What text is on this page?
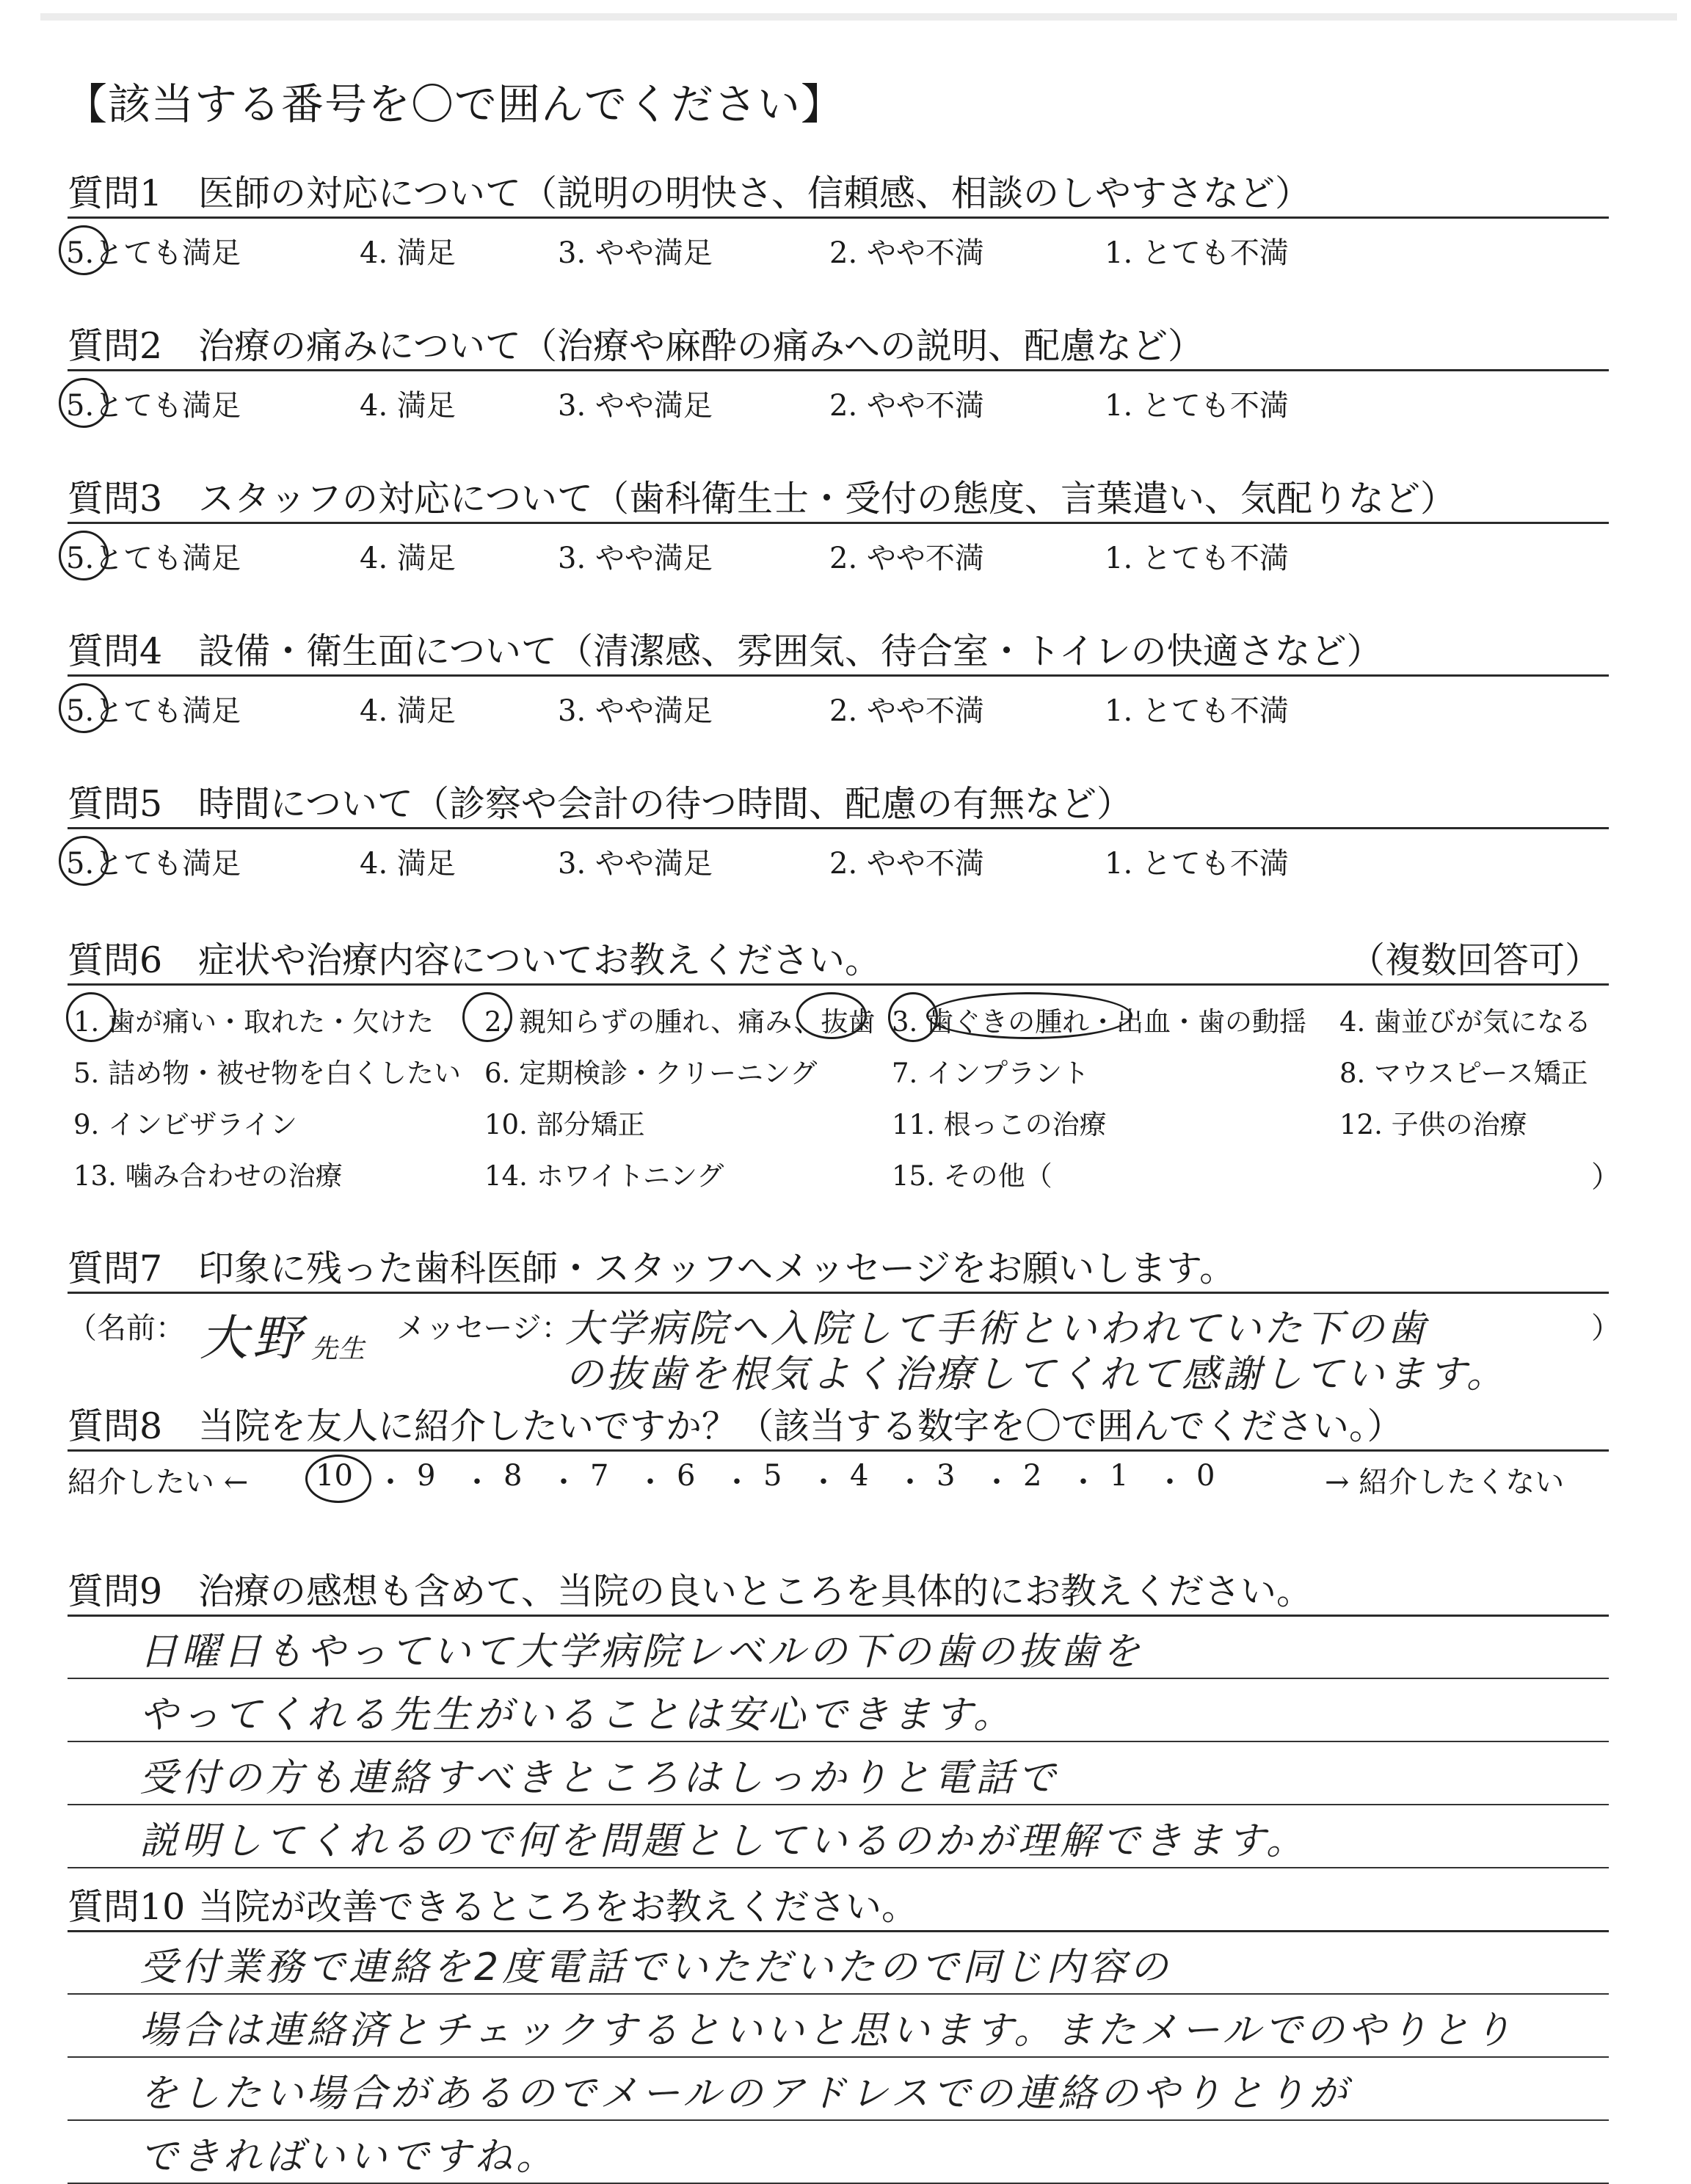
【該当する番号を〇で囲んでください】
質問1 医師の対応について（説明の明快さ、信頼感、相談のしやすさなど）
5.とても満足	4. 満足	3. やや満足	2. やや不満	1. とても不満
質問2 治療の痛みについて（治療や麻酔の痛みへの説明、配慮など）
5.とても満足	4. 満足	3. やや満足	2. やや不満	1. とても不満
質問3 スタッフの対応について（歯科衛生士・受付の態度、言葉遣い、気配りなど）
5.とても満足	4. 満足	3. やや満足	2. やや不満	1. とても不満
質問4 設備・衛生面について（清潔感、雰囲気、待合室・トイレの快適さなど）
5.とても満足	4. 満足	3. やや満足	2. やや不満	1. とても不満
質問5 時間について（診察や会計の待つ時間、配慮の有無など）
5.とても満足	4. 満足	3. やや満足	2. やや不満	1. とても不満
質問6 症状や治療内容についてお教えください。	（複数回答可）
1. 歯が痛い・取れた・欠けた 2. 親知らずの腫れ、痛み、抜歯 3. 歯ぐきの腫れ・出血・歯の動揺 4. 歯並びが気になる
5. 詰め物・被せ物を白くしたい 6. 定期検診・クリーニング	7. インプラント	8. マウスピース矯正
9. インビザライン	10. 部分矯正	11. 根っこの治療	12. 子供の治療
13. 噛み合わせの治療	14. ホワイトニング	15. その他（	）
質問7 印象に残った歯科医師・スタッフへメッセージをお願いします。
（名前： 大野 先生
メッセージ：
大学病院へ入院して手術といわれていた下の歯	）
の抜歯を根気よく治療してくれて感謝しています。
質問8 当院を友人に紹介したいですか？（該当する数字を〇で囲んでください。）
紹介したい ← 10 ・ 9 ・ 8 ・ 7 ・ 6 ・ 5 ・ 4 ・ 3 ・ 2 ・ 1 ・ 0	→ 紹介したくない
質問9 治療の感想も含めて、当院の良いところを具体的にお教えください。
日曜日もやっていて大学病院レベルの下の歯の抜歯を
やってくれる先生がいることは安心できます。
受付の方も連絡すべきところはしっかりと電話で
説明してくれるので何を問題としているのかが理解できます。
質問10 当院が改善できるところをお教えください。
受付業務で連絡を2度電話でいただいたので同じ内容の
場合は連絡済とチェックするといいと思います。またメールでのやりとり
をしたい場合があるのでメールのアドレスでの連絡のやりとりが
できればいいですね。
